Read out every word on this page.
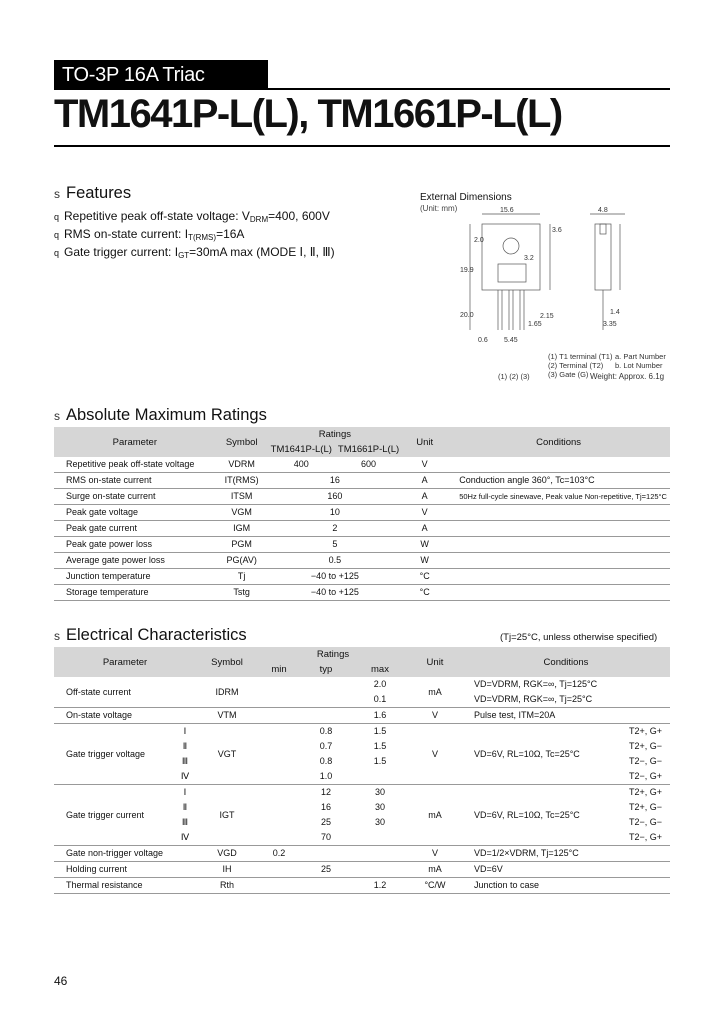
TO-3P 16A Triac
TM1641P-L(L), TM1661P-L(L)
s Features
q Repetitive peak off-state voltage: $V_{DRM}=400$, 600V
q RMS on-state current: $I_{T(RMS)}=16A$
q Gate trigger current: $I_{GT}=30mA$ max (MODE Ⅰ, Ⅱ, Ⅲ)
External Dimensions
(Unit: mm)	15.6	4.8
3.6
3.2
2.0
19.9
20.0
1.65
2.15
3.35
1.4
5.45
0.6
(1) T1 terminal (T1)
(2) Terminal (T2)
(3) Gate (G)
a. Part Number
b. Lot Number
(1) (2) (3)	Weight: Approx. 6.1g
s Absolute Maximum Ratings
Parameter	Symbol	Ratings		Unit	Conditions
		TM1641P-L(L)	TM1661P-L(L)		
Repetitive peak off-state voltage	VDRM	400	600	V	
RMS on-state current	IT(RMS)	16		A	Conduction angle 360°, Tc=103°C
Surge on-state current	ITSM	160		A	50Hz full-cycle sinewave, Peak value Non-repetitive, Tj=125°C
Peak gate voltage	VGM	10		V	
Peak gate current	IGM	2		A	
Peak gate power loss	PGM	5		W	
Average gate power loss	PG(AV)	0.5		W	
Junction temperature	Tj	−40 to +125		°C	
Storage temperature	Tstg	−40 to +125		°C	
s Electrical Characteristics	(Tj=25°C, unless otherwise specified)
Parameter		Symbol	Ratings			Unit	Conditions	
			min	typ	max			
Off-state current		IDRM			2.0	mA	VD=VDRM, RGK=∞, Tj=125°C	
					0.1		VD=VDRM, RGK=∞, Tj=25°C	
On-state voltage		VTM			1.6	V	Pulse test, ITM=20A	
Gate trigger voltage	Ⅰ	VGT		0.8	1.5	V	VD=6V, RL=10Ω, Tc=25°C	T2+, G+
	Ⅱ			0.7	1.5			T2+, G−
	Ⅲ			0.8	1.5			T2−, G−
	Ⅳ			1.0				T2−, G+
Gate trigger current	Ⅰ	IGT		12	30	mA	VD=6V, RL=10Ω, Tc=25°C	T2+, G+
	Ⅱ			16	30			T2+, G−
	Ⅲ			25	30			T2−, G−
	Ⅳ			70				T2−, G+
Gate non-trigger voltage		VGD	0.2			V	VD=1/2×VDRM, Tj=125°C	
Holding current		IH		25		mA	VD=6V	
Thermal resistance		Rth			1.2	°C/W	Junction to case	
46
